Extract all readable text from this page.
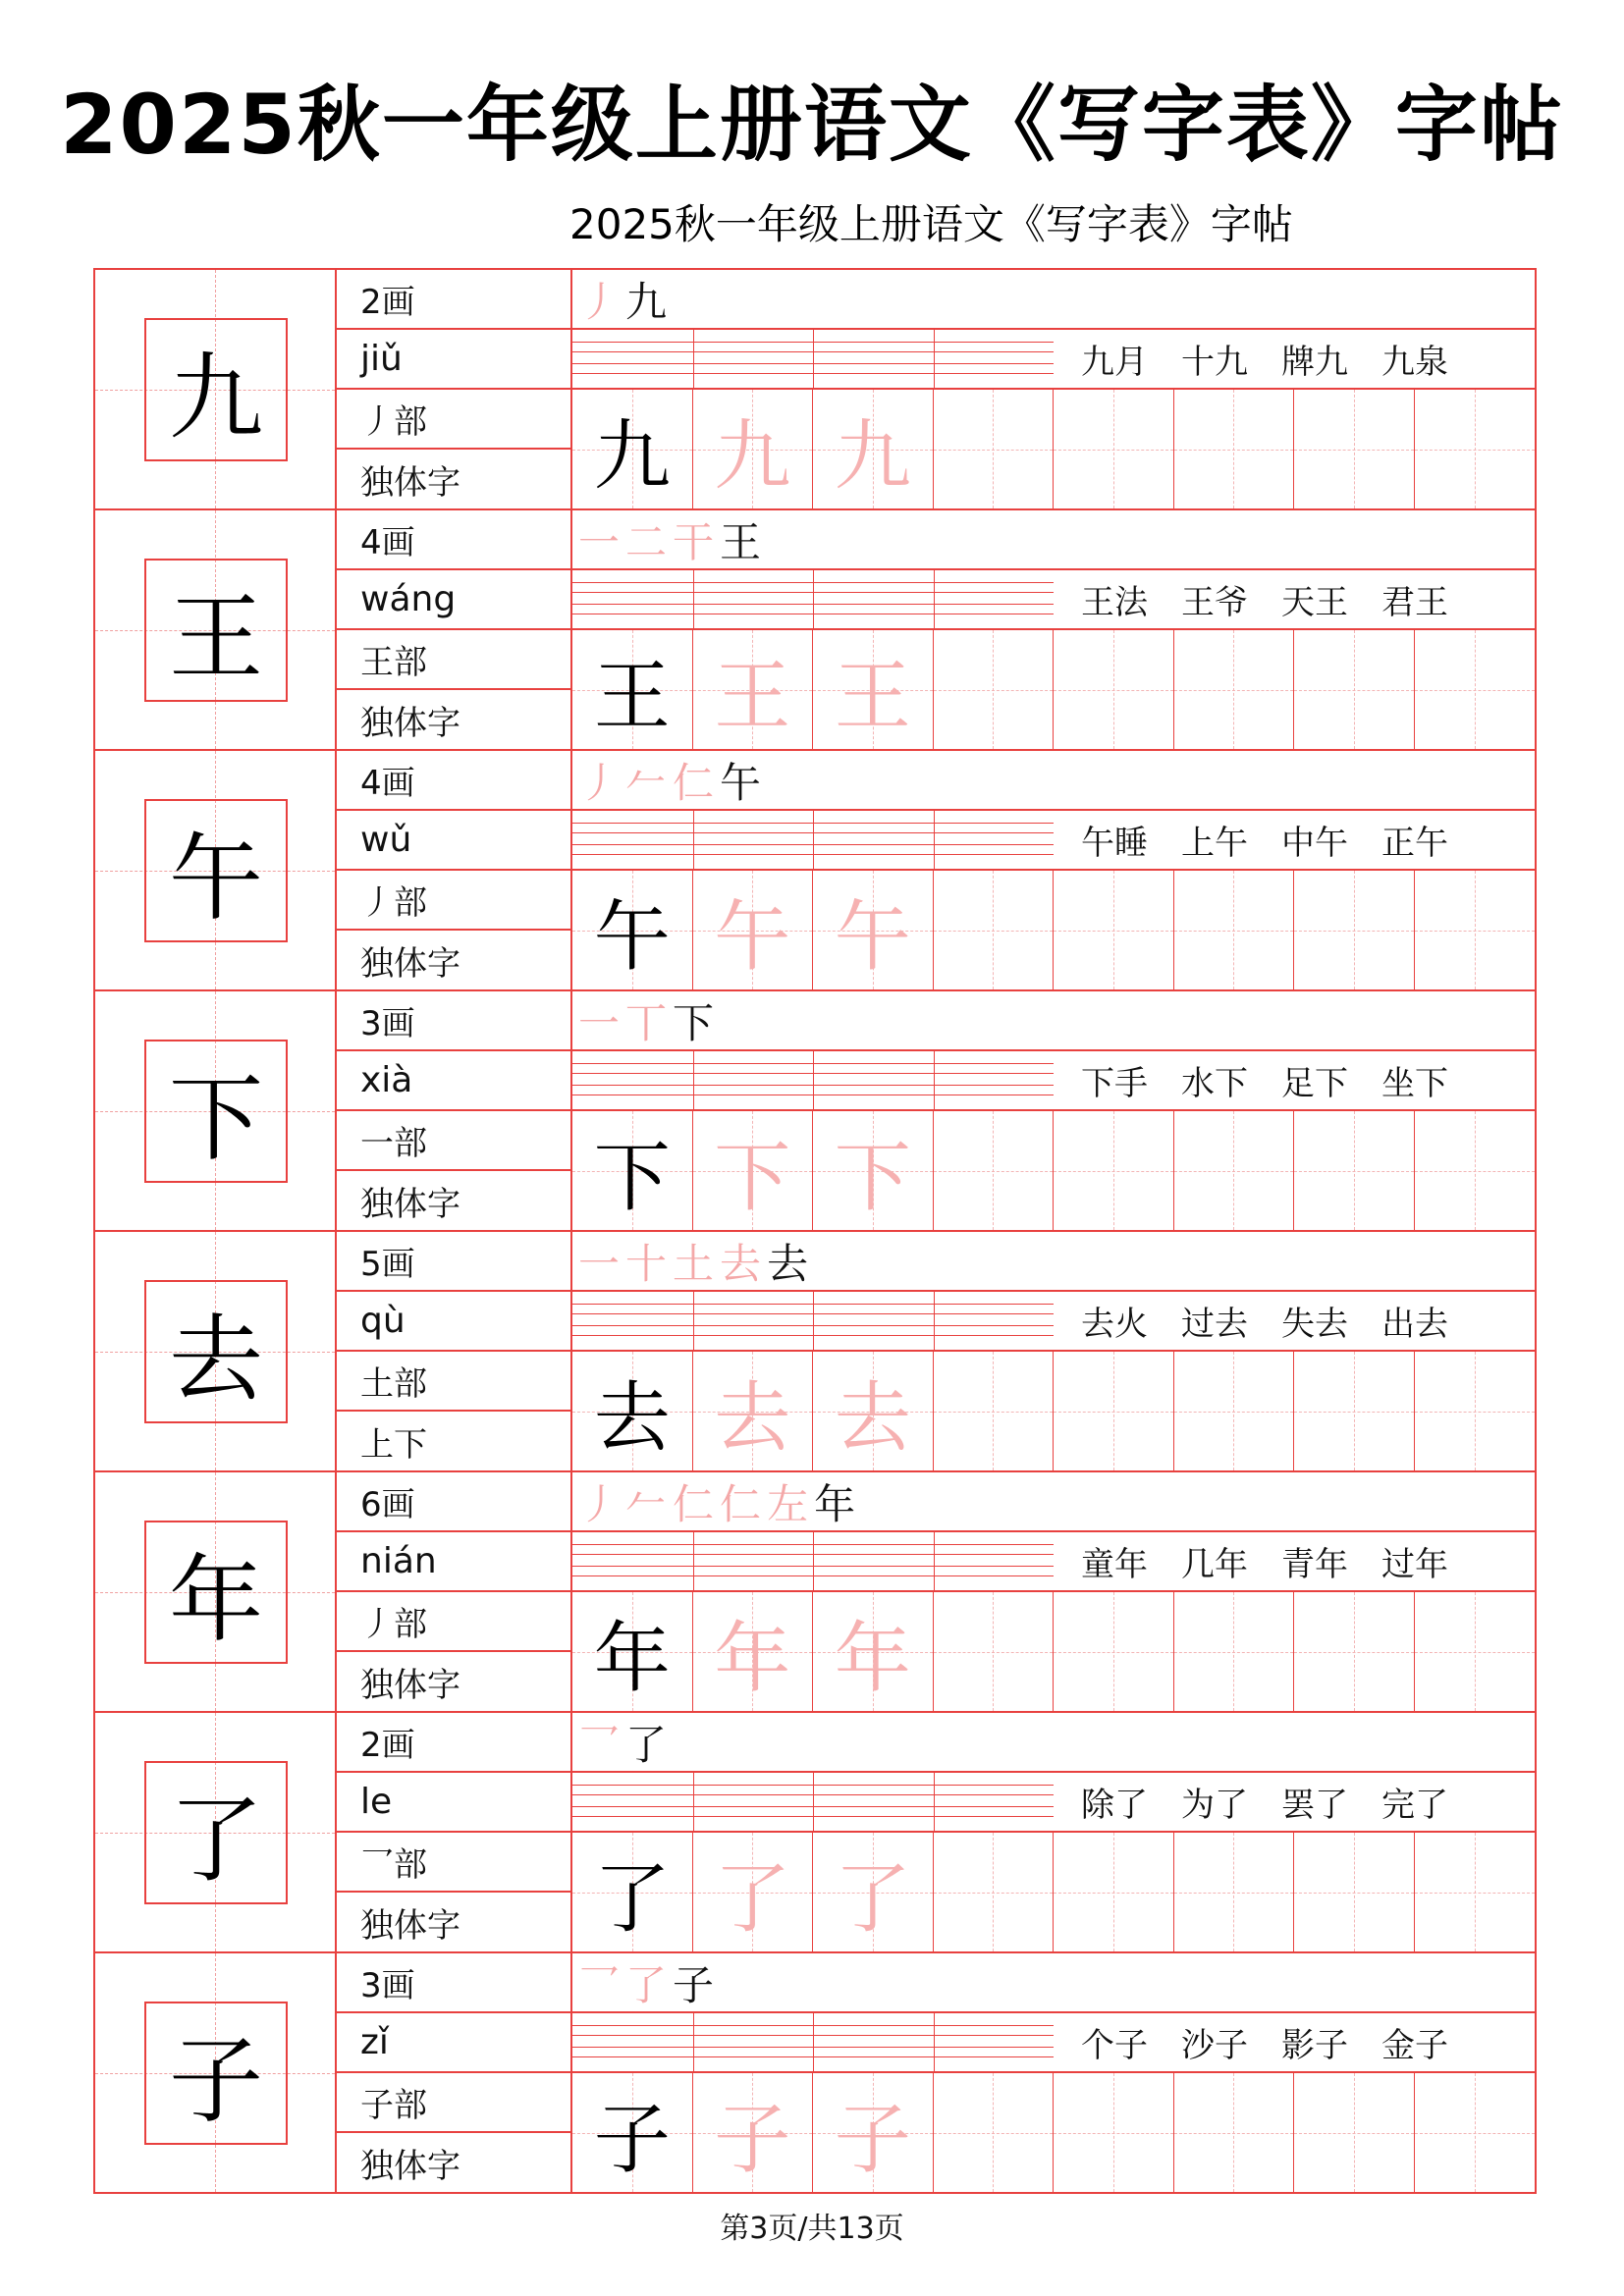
2025秋一年级上册语文《写字表》字帖
2025秋一年级上册语文《写字表》字帖
九
2画
jiǔ
丿部
独体字
丿 九
九月 十九 牌九 九泉
九 九 九
王
4画
wáng
王部
独体字
一 二 干 王
王法 王爷 天王 君王
王 王 王
午
4画
wǔ
丿部
独体字
丿 𠂉 仁 午
午睡 上午 中午 正午
午 午 午
下
3画
xià
一部
独体字
一 丅 下
下手 水下 足下 坐下
下 下 下
去
5画
qù
土部
上下
一 十 土 去 去
去火 过去 失去 出去
去 去 去
年
6画
nián
丿部
独体字
丿 𠂉 仁 仁 左 年
童年 几年 青年 过年
年 年 年
了
2画
le
乛部
独体字
乛 了
除了 为了 罢了 完了
了 了 了
子
3画
zǐ
子部
独体字
乛 了 子
个子 沙子 影子 金子
子 子 子
第3页/共13页
